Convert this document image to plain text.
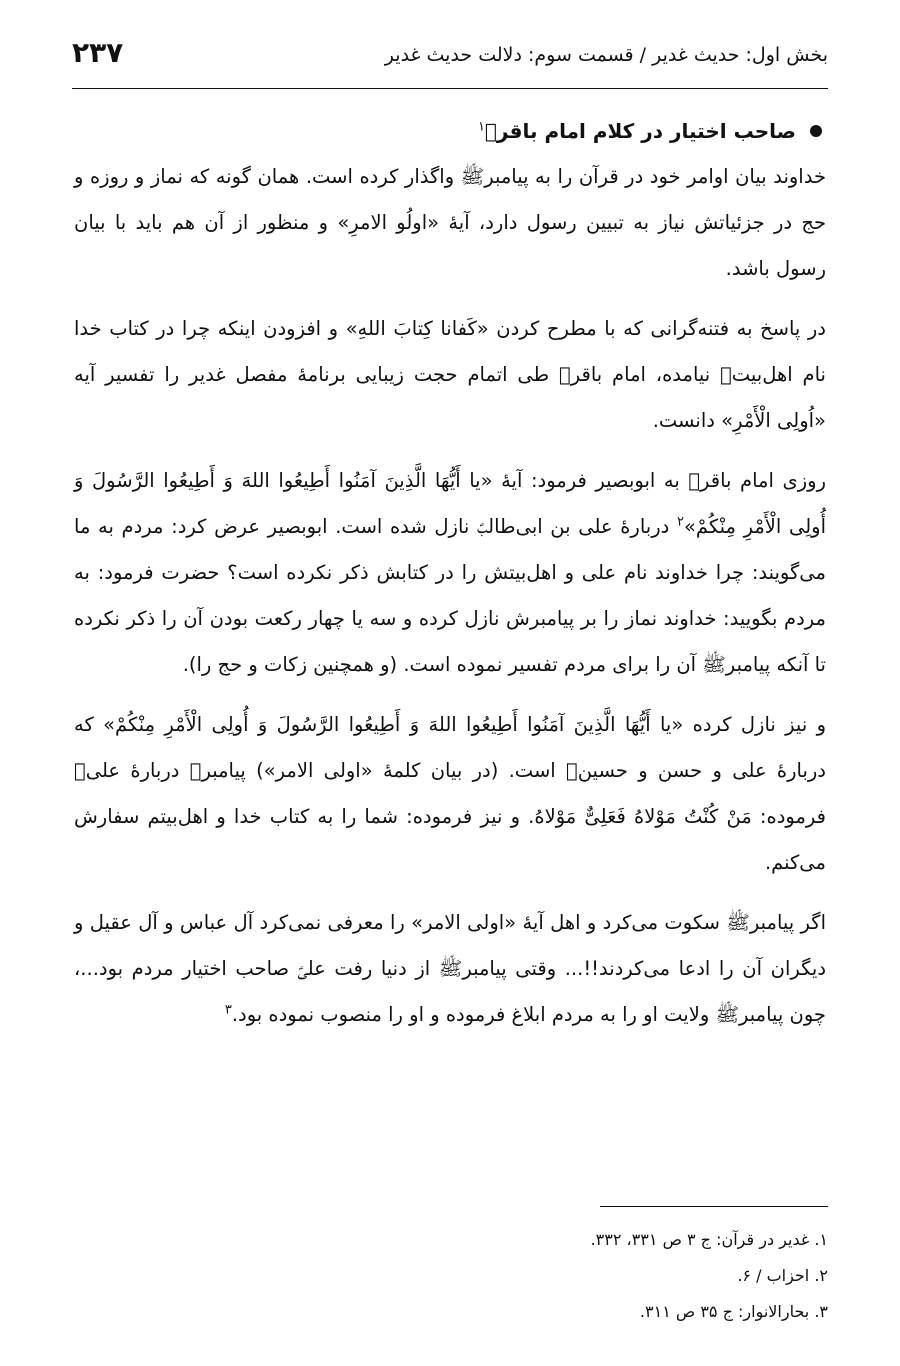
بخش اول: حدیث غدیر / قسمت سوم: دلالت حدیث غدیر
۲۳۷
صاحب اختیار در کلام امام باقرؑ$^۱$

خداوند بیان اوامر خود در قرآن را به پیامبرﷺ واگذار کرده است. همان گونه که نماز و روزه و حج در جزئیاتش نیاز به تبیین رسول دارد، آیهٔ «اولُو الامرِ» و منظور از آن هم باید با بیان رسول باشد.

در پاسخ به فتنه‌گرانی که با مطرح کردن «کَفانا کِتابَ اللهِ» و افزودن اینکه چرا در کتاب خدا نام اهل‌بیتؑ نیامده، امام باقرؑ طی اتمام حجت زیبایی برنامهٔ مفصل غدیر را تفسیر آیه «اُولِی الْأَمْرِ» دانست.

روزی امام باقرؑ به ابوبصیر فرمود: آیهٔ «یا أَیُّهَا الَّذِینَ آمَنُوا أَطِیعُوا اللهَ وَ أَطِیعُوا الرَّسُولَ وَ أُولِی الْأَمْرِ مِنْکُمْ»$^۲$ دربارهٔ علی بن ابی‌طالبؑ نازل شده است. ابوبصیر عرض کرد: مردم به ما می‌گویند: چرا خداوند نام علی و اهل‌بیتش را در کتابش ذکر نکرده است؟ حضرت فرمود: به مردم بگویید: خداوند نماز را بر پیامبرش نازل کرده و سه یا چهار رکعت بودن آن را ذکر نکرده تا آنکه پیامبرﷺ آن را برای مردم تفسیر نموده است. (و همچنین زکات و حج را).

و نیز نازل کرده «یا أَیُّهَا الَّذِینَ آمَنُوا أَطِیعُوا اللهَ وَ أَطِیعُوا الرَّسُولَ وَ أُولِی الْأَمْرِ مِنْکُمْ» که دربارهٔ علی و حسن و حسینؑ است. (در بیان کلمهٔ «اولی الامر») پیامبرﷺ دربارهٔ علیؑ فرموده: مَنْ کُنْتُ مَوْلاهُ فَعَلِیٌّ مَوْلاهُ. و نیز فرموده: شما را به کتاب خدا و اهل‌بیتم سفارش می‌کنم.

اگر پیامبرﷺ سکوت می‌کرد و اهل آیهٔ «اولی الامر» را معرفی نمی‌کرد آل عباس و آل عقیل و دیگران آن را ادعا می‌کردند!!... وقتی پیامبرﷺ از دنیا رفت علیؑ صاحب اختیار مردم بود...، چون پیامبرﷺ ولایت او را به مردم ابلاغ فرموده و او را منصوب نموده بود.$^۳$

۱. غدیر در قرآن: ج ۳ ص ۳۳۱، ۳۳۲.

۲. احزاب / ۶.

۳. بحارالانوار: ج ۳۵ ص ۳۱۱.
